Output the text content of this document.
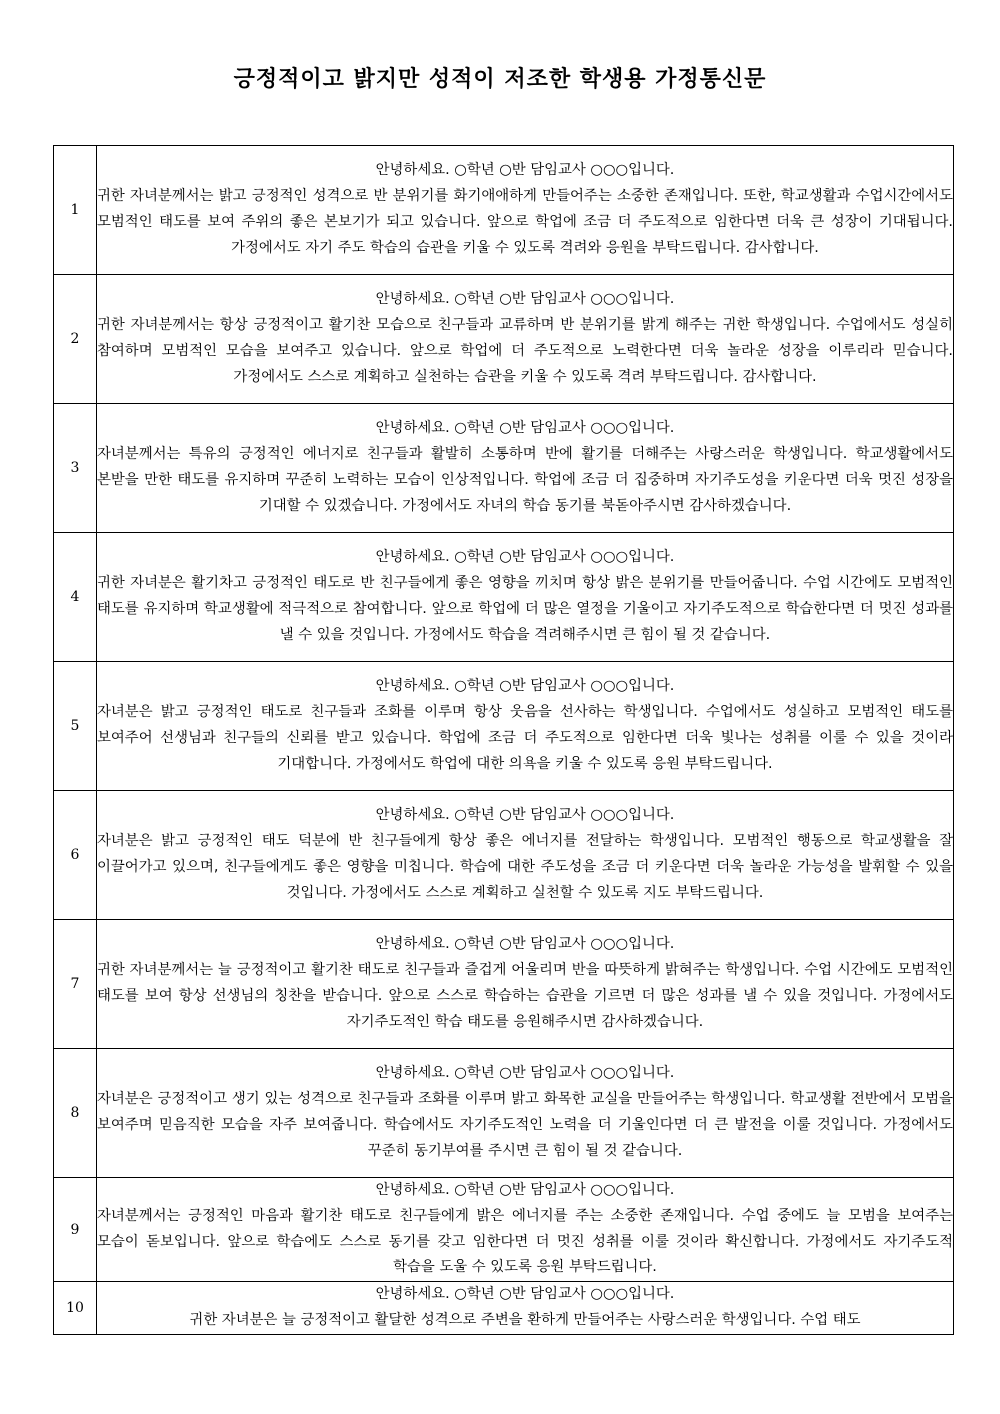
긍정적이고 밝지만 성적이 저조한 학생용 가정통신문
1	안녕하세요. ○학년 ○반 담임교사 ○○○입니다.
귀한 자녀분께서는 밝고 긍정적인 성격으로 반 분위기를 화기애애하게 만들어주는 소중한 존재입니다. 또한, 학교생활과 수업시간에서도 모범적인 태도를 보여 주위의 좋은 본보기가 되고 있습니다. 앞으로 학업에 조금 더 주도적으로 임한다면 더욱 큰 성장이 기대됩니다. 가정에서도 자기 주도 학습의 습관을 키울 수 있도록 격려와 응원을 부탁드립니다. 감사합니다.

2	안녕하세요. ○학년 ○반 담임교사 ○○○입니다.
귀한 자녀분께서는 항상 긍정적이고 활기찬 모습으로 친구들과 교류하며 반 분위기를 밝게 해주는 귀한 학생입니다. 수업에서도 성실히 참여하며 모범적인 모습을 보여주고 있습니다. 앞으로 학업에 더 주도적으로 노력한다면 더욱 놀라운 성장을 이루리라 믿습니다. 가정에서도 스스로 계획하고 실천하는 습관을 키울 수 있도록 격려 부탁드립니다. 감사합니다.

3	안녕하세요. ○학년 ○반 담임교사 ○○○입니다.
자녀분께서는 특유의 긍정적인 에너지로 친구들과 활발히 소통하며 반에 활기를 더해주는 사랑스러운 학생입니다. 학교생활에서도 본받을 만한 태도를 유지하며 꾸준히 노력하는 모습이 인상적입니다. 학업에 조금 더 집중하며 자기주도성을 키운다면 더욱 멋진 성장을 기대할 수 있겠습니다. 가정에서도 자녀의 학습 동기를 북돋아주시면 감사하겠습니다.

4	안녕하세요. ○학년 ○반 담임교사 ○○○입니다.
귀한 자녀분은 활기차고 긍정적인 태도로 반 친구들에게 좋은 영향을 끼치며 항상 밝은 분위기를 만들어줍니다. 수업 시간에도 모범적인 태도를 유지하며 학교생활에 적극적으로 참여합니다. 앞으로 학업에 더 많은 열정을 기울이고 자기주도적으로 학습한다면 더 멋진 성과를 낼 수 있을 것입니다. 가정에서도 학습을 격려해주시면 큰 힘이 될 것 같습니다.

5	안녕하세요. ○학년 ○반 담임교사 ○○○입니다.
자녀분은 밝고 긍정적인 태도로 친구들과 조화를 이루며 항상 웃음을 선사하는 학생입니다. 수업에서도 성실하고 모범적인 태도를 보여주어 선생님과 친구들의 신뢰를 받고 있습니다. 학업에 조금 더 주도적으로 임한다면 더욱 빛나는 성취를 이룰 수 있을 것이라 기대합니다. 가정에서도 학업에 대한 의욕을 키울 수 있도록 응원 부탁드립니다.

6	안녕하세요. ○학년 ○반 담임교사 ○○○입니다.
자녀분은 밝고 긍정적인 태도 덕분에 반 친구들에게 항상 좋은 에너지를 전달하는 학생입니다. 모범적인 행동으로 학교생활을 잘 이끌어가고 있으며, 친구들에게도 좋은 영향을 미칩니다. 학습에 대한 주도성을 조금 더 키운다면 더욱 놀라운 가능성을 발휘할 수 있을 것입니다. 가정에서도 스스로 계획하고 실천할 수 있도록 지도 부탁드립니다.

7	안녕하세요. ○학년 ○반 담임교사 ○○○입니다.
귀한 자녀분께서는 늘 긍정적이고 활기찬 태도로 친구들과 즐겁게 어울리며 반을 따뜻하게 밝혀주는 학생입니다. 수업 시간에도 모범적인 태도를 보여 항상 선생님의 칭찬을 받습니다. 앞으로 스스로 학습하는 습관을 기르면 더 많은 성과를 낼 수 있을 것입니다. 가정에서도 자기주도적인 학습 태도를 응원해주시면 감사하겠습니다.

8	안녕하세요. ○학년 ○반 담임교사 ○○○입니다.
자녀분은 긍정적이고 생기 있는 성격으로 친구들과 조화를 이루며 밝고 화목한 교실을 만들어주는 학생입니다. 학교생활 전반에서 모범을 보여주며 믿음직한 모습을 자주 보여줍니다. 학습에서도 자기주도적인 노력을 더 기울인다면 더 큰 발전을 이룰 것입니다. 가정에서도 꾸준히 동기부여를 주시면 큰 힘이 될 것 같습니다.

9	안녕하세요. ○학년 ○반 담임교사 ○○○입니다.
자녀분께서는 긍정적인 마음과 활기찬 태도로 친구들에게 밝은 에너지를 주는 소중한 존재입니다. 수업 중에도 늘 모범을 보여주는 모습이 돋보입니다. 앞으로 학습에도 스스로 동기를 갖고 임한다면 더 멋진 성취를 이룰 것이라 확신합니다. 가정에서도 자기주도적 학습을 도울 수 있도록 응원 부탁드립니다.

10	안녕하세요. ○학년 ○반 담임교사 ○○○입니다.
귀한 자녀분은 늘 긍정적이고 활달한 성격으로 주변을 환하게 만들어주는 사랑스러운 학생입니다. 수업 태도
